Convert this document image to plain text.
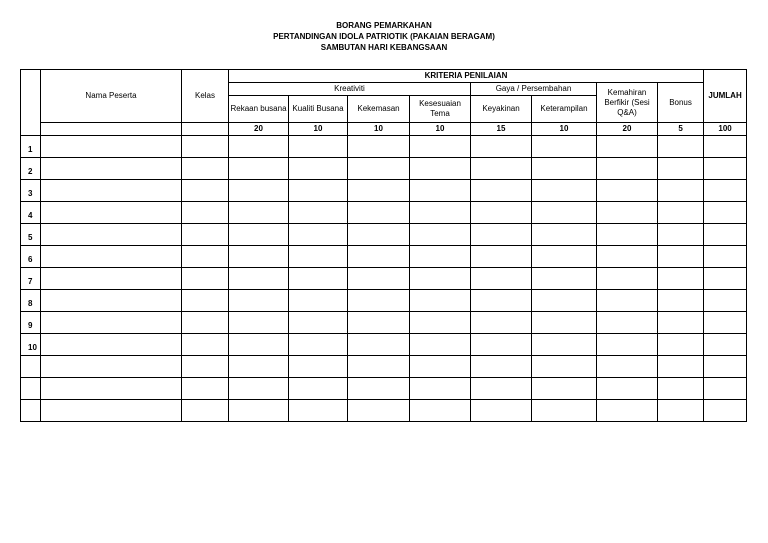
BORANG PEMARKAHAN
PERTANDINGAN IDOLA PATRIOTIK (PAKAIAN BERAGAM)
SAMBUTAN HARI KEBANGSAAN
	Nama Peserta	Kelas	KRITERIA PENILAIAN								JUMLAH
			Kreativiti				Gaya / Persembahan		Kemahiran Berfikir (Sesi Q&A)	Bonus	
			Rekaan busana	Kualiti Busana	Kekemasan	Kesesuaian Tema	Keyakinan	Keterampilan			
			20	10	10	10	15	10	20	5	100
1											
2											
3											
4											
5											
6											
7											
8											
9											
10											
